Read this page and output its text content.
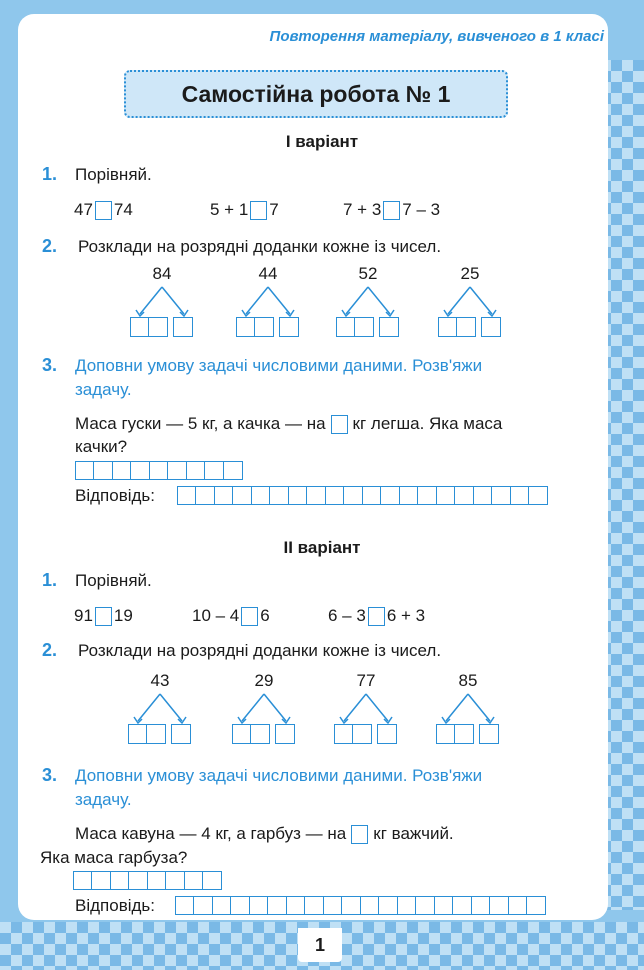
Повторення матеріалу, вивченого в 1 класі
Самостійна робота № 1
I варіант
1. Порівняй.
47 74	5 + 1 7	7 + 3 7 – 3
2. Розклади на розрядні доданки кожне із чисел.
84	44	52	25
3. Доповни умову задачі числовими даними. Розв'яжи
задачу.
Маса гуски — 5 кг, а качка — на кг легша. Яка маса
качки?
Відповідь:
II варіант
1. Порівняй.
91 19	10 – 4 6	6 – 3 6 + 3
2. Розклади на розрядні доданки кожне із чисел.
43	29	77	85
3. Доповни умову задачі числовими даними. Розв'яжи
задачу.
Маса кавуна — 4 кг, а гарбуз — на кг важчий.
Яка маса гарбуза?
Відповідь:
1
